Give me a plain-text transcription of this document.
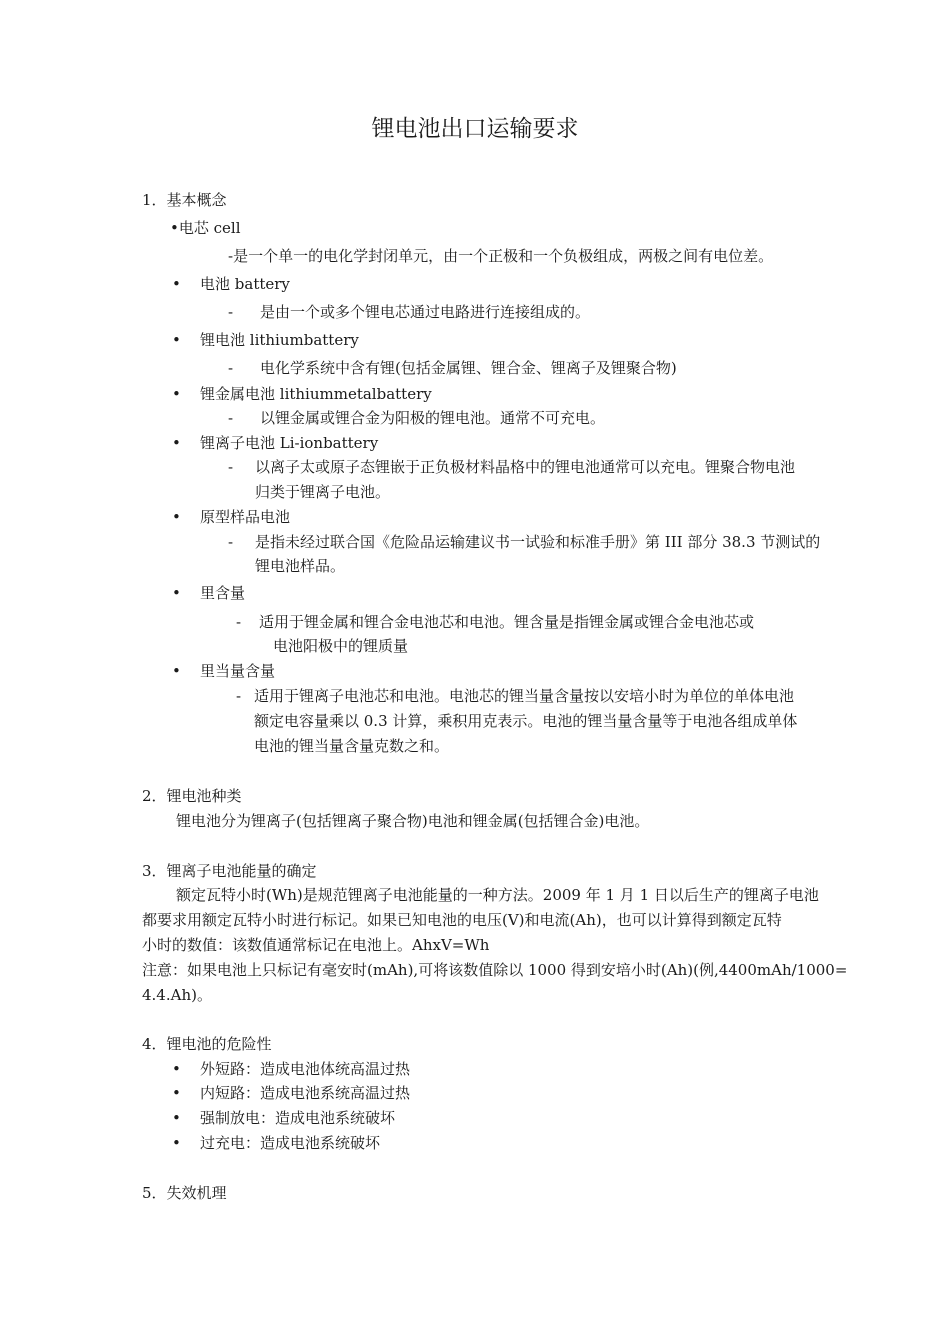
锂电池出口运输要求
1．基本概念
•电芯 cell
-是一个单一的电化学封闭单元，由一个正极和一个负极组成，两极之间有电位差。
• 电池 battery
- 是由一个或多个锂电芯通过电路进行连接组成的。
• 锂电池 lithiumbattery
- 电化学系统中含有锂(包括金属锂、锂合金、锂离子及锂聚合物)
• 锂金属电池 lithiummetalbattery
- 以锂金属或锂合金为阳极的锂电池。通常不可充电。
• 锂离子电池 Li-ionbattery
- 以离子太或原子态锂嵌于正负极材料晶格中的锂电池通常可以充电。锂聚合物电池
归类于锂离子电池。
• 原型样品电池
- 是指未经过联合国《危险品运输建议书一试验和标准手册》第 III 部分 38.3 节测试的
锂电池样品。
• 里含量
- 适用于锂金属和锂合金电池芯和电池。锂含量是指锂金属或锂合金电池芯或
电池阳极中的锂质量
• 里当量含量
- 适用于锂离子电池芯和电池。电池芯的锂当量含量按以安培小时为单位的单体电池
额定电容量乘以 0.3 计算，乘积用克表示。电池的锂当量含量等于电池各组成单体
电池的锂当量含量克数之和。
2．锂电池种类
锂电池分为锂离子(包括锂离子聚合物)电池和锂金属(包括锂合金)电池。
3．锂离子电池能量的确定
额定瓦特小时(Wh)是规范锂离子电池能量的一种方法。2009 年 1 月 1 日以后生产的锂离子电池
都要求用额定瓦特小时进行标记。如果已知电池的电压(V)和电流(Ah)，也可以计算得到额定瓦特
小时的数值：该数值通常标记在电池上。AhxV=Wh
注意：如果电池上只标记有毫安时(mAh),可将该数值除以 1000 得到安培小时(Ah)(例,4400mAh/1000=
4.4.Ah)。
4．锂电池的危险性
• 外短路：造成电池体统高温过热
• 内短路：造成电池系统高温过热
• 强制放电：造成电池系统破坏
• 过充电：造成电池系统破坏
5．失效机理
